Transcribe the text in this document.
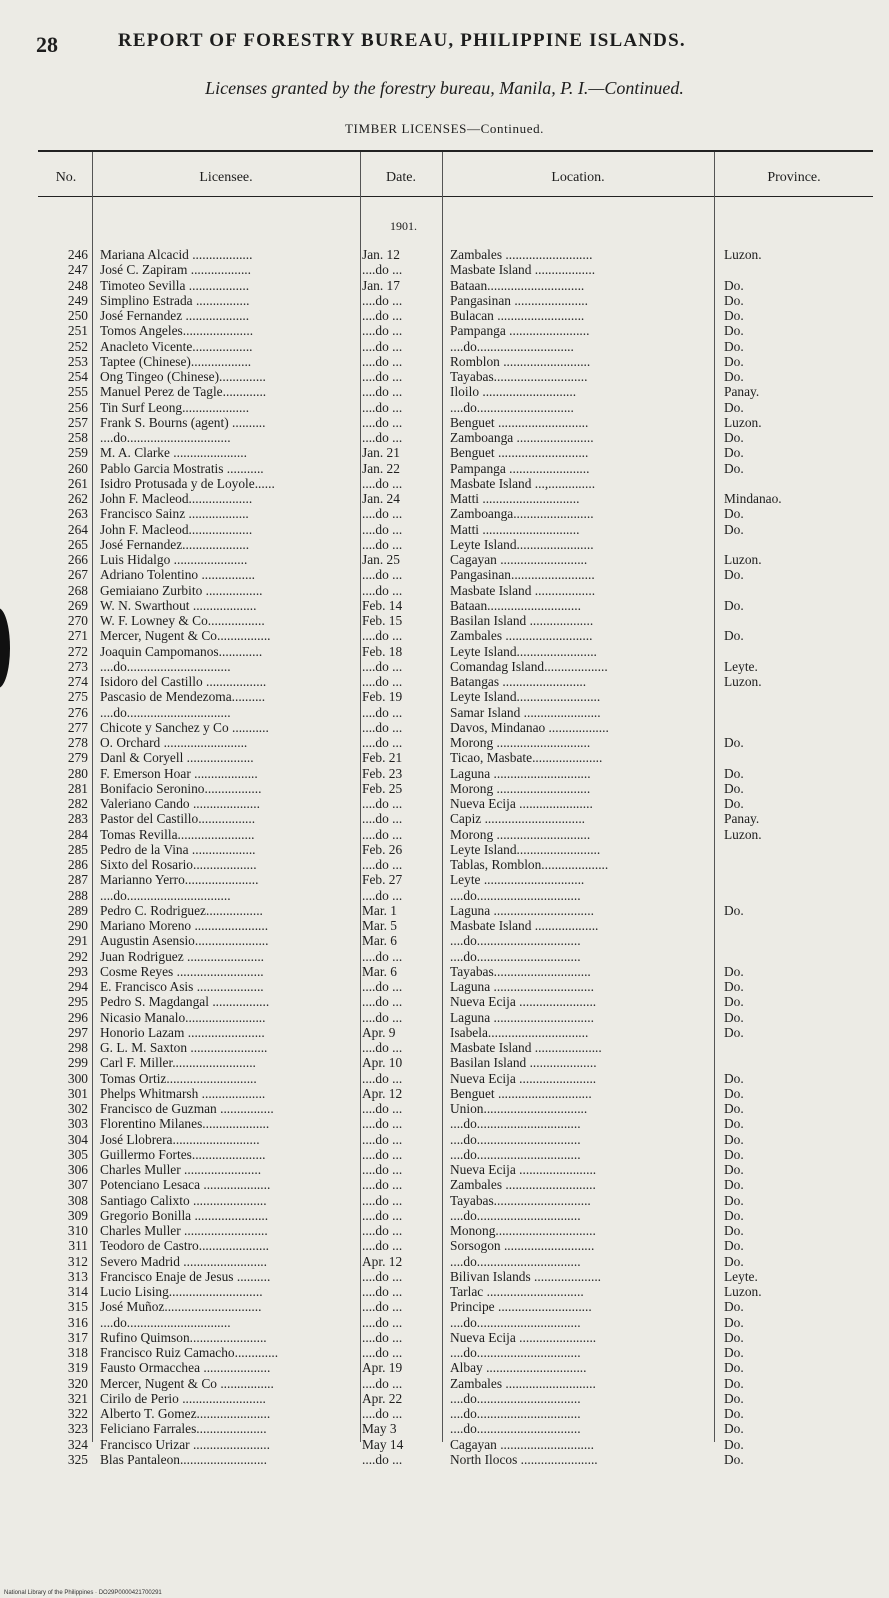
28	REPORT OF FORESTRY BUREAU, PHILIPPINE ISLANDS.
Licenses granted by the forestry bureau, Manila, P. I.—Continued.
TIMBER LICENSES—Continued.
No.	Licensee.	Date.	Location.	Province.
1901.
246 Mariana Alcacid ..................	Jan. 12	Zambales ..........................	Luzon.
247 José C. Zapiram ..................	....do ...	Masbate Island ..................
248 Timoteo Sevilla ..................	Jan. 17	Bataan.............................	Do.
249 Simplino Estrada ................	....do ...	Pangasinan ......................	Do.
250 José Fernandez ...................	....do ...	Bulacan ..........................	Do.
251 Tomos Angeles.....................	....do ...	Pampanga ........................	Do.
252 Anacleto Vicente..................	....do ...	....do.............................	Do.
253 Taptee (Chinese)..................	....do ...	Romblon ..........................	Do.
254 Ong Tingeo (Chinese)..............	....do ...	Tayabas............................	Do.
255 Manuel Perez de Tagle.............	....do ...	Iloilo ............................	Panay.
256 Tin Surf Leong....................	....do ...	....do.............................	Do.
257 Frank S. Bourns (agent) ..........	....do ...	Benguet ...........................	Luzon.
258 ....do...............................	....do ...	Zamboanga .......................	Do.
259 M. A. Clarke ......................	Jan. 21	Benguet ...........................	Do.
260 Pablo Garcia Mostratis ...........	Jan. 22	Pampanga ........................	Do.
261 Isidro Protusada y de Loyole......	....do ...	Masbate Island ...,..............
262 John F. Macleod...................	Jan. 24	Matti .............................	Mindanao.
263 Francisco Sainz ..................	....do ...	Zamboanga........................	Do.
264 John F. Macleod...................	....do ...	Matti .............................	Do.
265 José Fernandez....................	....do ...	Leyte Island.......................
266 Luis Hidalgo ......................	Jan. 25	Cagayan ..........................	Luzon.
267 Adriano Tolentino ................	....do ...	Pangasinan.........................	Do.
268 Gemiaiano Zurbito .................	....do ...	Masbate Island ..................
269 W. N. Swarthout ...................	Feb. 14	Bataan............................	Do.
270 W. F. Lowney & Co.................	Feb. 15	Basilan Island ...................
271 Mercer, Nugent & Co................	....do ...	Zambales ..........................	Do.
272 Joaquin Campomanos.............	Feb. 18	Leyte Island........................
273 ....do...............................	....do ...	Comandag Island...................	Leyte.
274 Isidoro del Castillo ..................	....do ...	Batangas .........................	Luzon.
275 Pascasio de Mendezoma..........	Feb. 19	Leyte Island.........................
276 ....do...............................	....do ...	Samar Island .......................
277 Chicote y Sanchez y Co ...........	....do ...	Davos, Mindanao ..................
278 O. Orchard .........................	....do ...	Morong ............................	Do.
279 Danl & Coryell ....................	Feb. 21	Ticao, Masbate.....................
280 F. Emerson Hoar ...................	Feb. 23	Laguna .............................	Do.
281 Bonifacio Seronino.................	Feb. 25	Morong ............................	Do.
282 Valeriano Cando ....................	....do ...	Nueva Ecija ......................	Do.
283 Pastor del Castillo.................	....do ...	Capiz ..............................	Panay.
284 Tomas Revilla.......................	....do ...	Morong ............................	Luzon.
285 Pedro de la Vina ...................	Feb. 26	Leyte Island.........................
286 Sixto del Rosario...................	....do ...	Tablas, Romblon....................
287 Marianno Yerro......................	Feb. 27	Leyte ..............................
288 ....do...............................	....do ...	....do...............................
289 Pedro C. Rodriguez.................	Mar. 1	Laguna ..............................	Do.
290 Mariano Moreno ......................	Mar. 5	Masbate Island ...................
291 Augustin Asensio......................	Mar. 6	....do...............................
292 Juan Rodriguez .......................	....do ...	....do...............................
293 Cosme Reyes ..........................	Mar. 6	Tayabas.............................	Do.
294 E. Francisco Asis ....................	....do ...	Laguna ..............................	Do.
295 Pedro S. Magdangal .................	....do ...	Nueva Ecija .......................	Do.
296 Nicasio Manalo........................	....do ...	Laguna ..............................	Do.
297 Honorio Lazam .......................	Apr. 9	Isabela..............................	Do.
298 G. L. M. Saxton .......................	....do ...	Masbate Island ....................
299 Carl F. Miller.........................	Apr. 10	Basilan Island ....................
300 Tomas Ortiz...........................	....do ...	Nueva Ecija .......................	Do.
301 Phelps Whitmarsh ...................	Apr. 12	Benguet ............................	Do.
302 Francisco de Guzman ................	....do ...	Union...............................	Do.
303 Florentino Milanes....................	....do ...	....do...............................	Do.
304 José Llobrera..........................	....do ...	....do...............................	Do.
305 Guillermo Fortes......................	....do ...	....do...............................	Do.
306 Charles Muller .......................	....do ...	Nueva Ecija .......................	Do.
307 Potenciano Lesaca ....................	....do ...	Zambales ...........................	Do.
308 Santiago Calixto ......................	....do ...	Tayabas.............................	Do.
309 Gregorio Bonilla ......................	....do ...	....do...............................	Do.
310 Charles Muller .........................	....do ...	Monong..............................	Do.
311 Teodoro de Castro.....................	....do ...	Sorsogon ...........................	Do.
312 Severo Madrid .........................	Apr. 12	....do...............................	Do.
313 Francisco Enaje de Jesus ..........	....do ...	Bilivan Islands ....................	Leyte.
314 Lucio Lising............................	....do ...	Tarlac .............................	Luzon.
315 José Muñoz.............................	....do ...	Principe ............................	Do.
316 ....do...............................	....do ...	....do...............................	Do.
317 Rufino Quimson.......................	....do ...	Nueva Ecija .......................	Do.
318 Francisco Ruiz Camacho.............	....do ...	....do...............................	Do.
319 Fausto Ormacchea ....................	Apr. 19	Albay ..............................	Do.
320 Mercer, Nugent & Co ................	....do ...	Zambales ...........................	Do.
321 Cirilo de Perio .........................	Apr. 22	....do...............................	Do.
322 Alberto T. Gomez......................	....do ...	....do...............................	Do.
323 Feliciano Farrales.....................	May 3	....do...............................	Do.
324 Francisco Urizar .......................	May 14	Cagayan ............................	Do.
325 Blas Pantaleon..........................	....do ...	North Ilocos .......................	Do.
National Library of the Philippines · DO29P0000421700291
